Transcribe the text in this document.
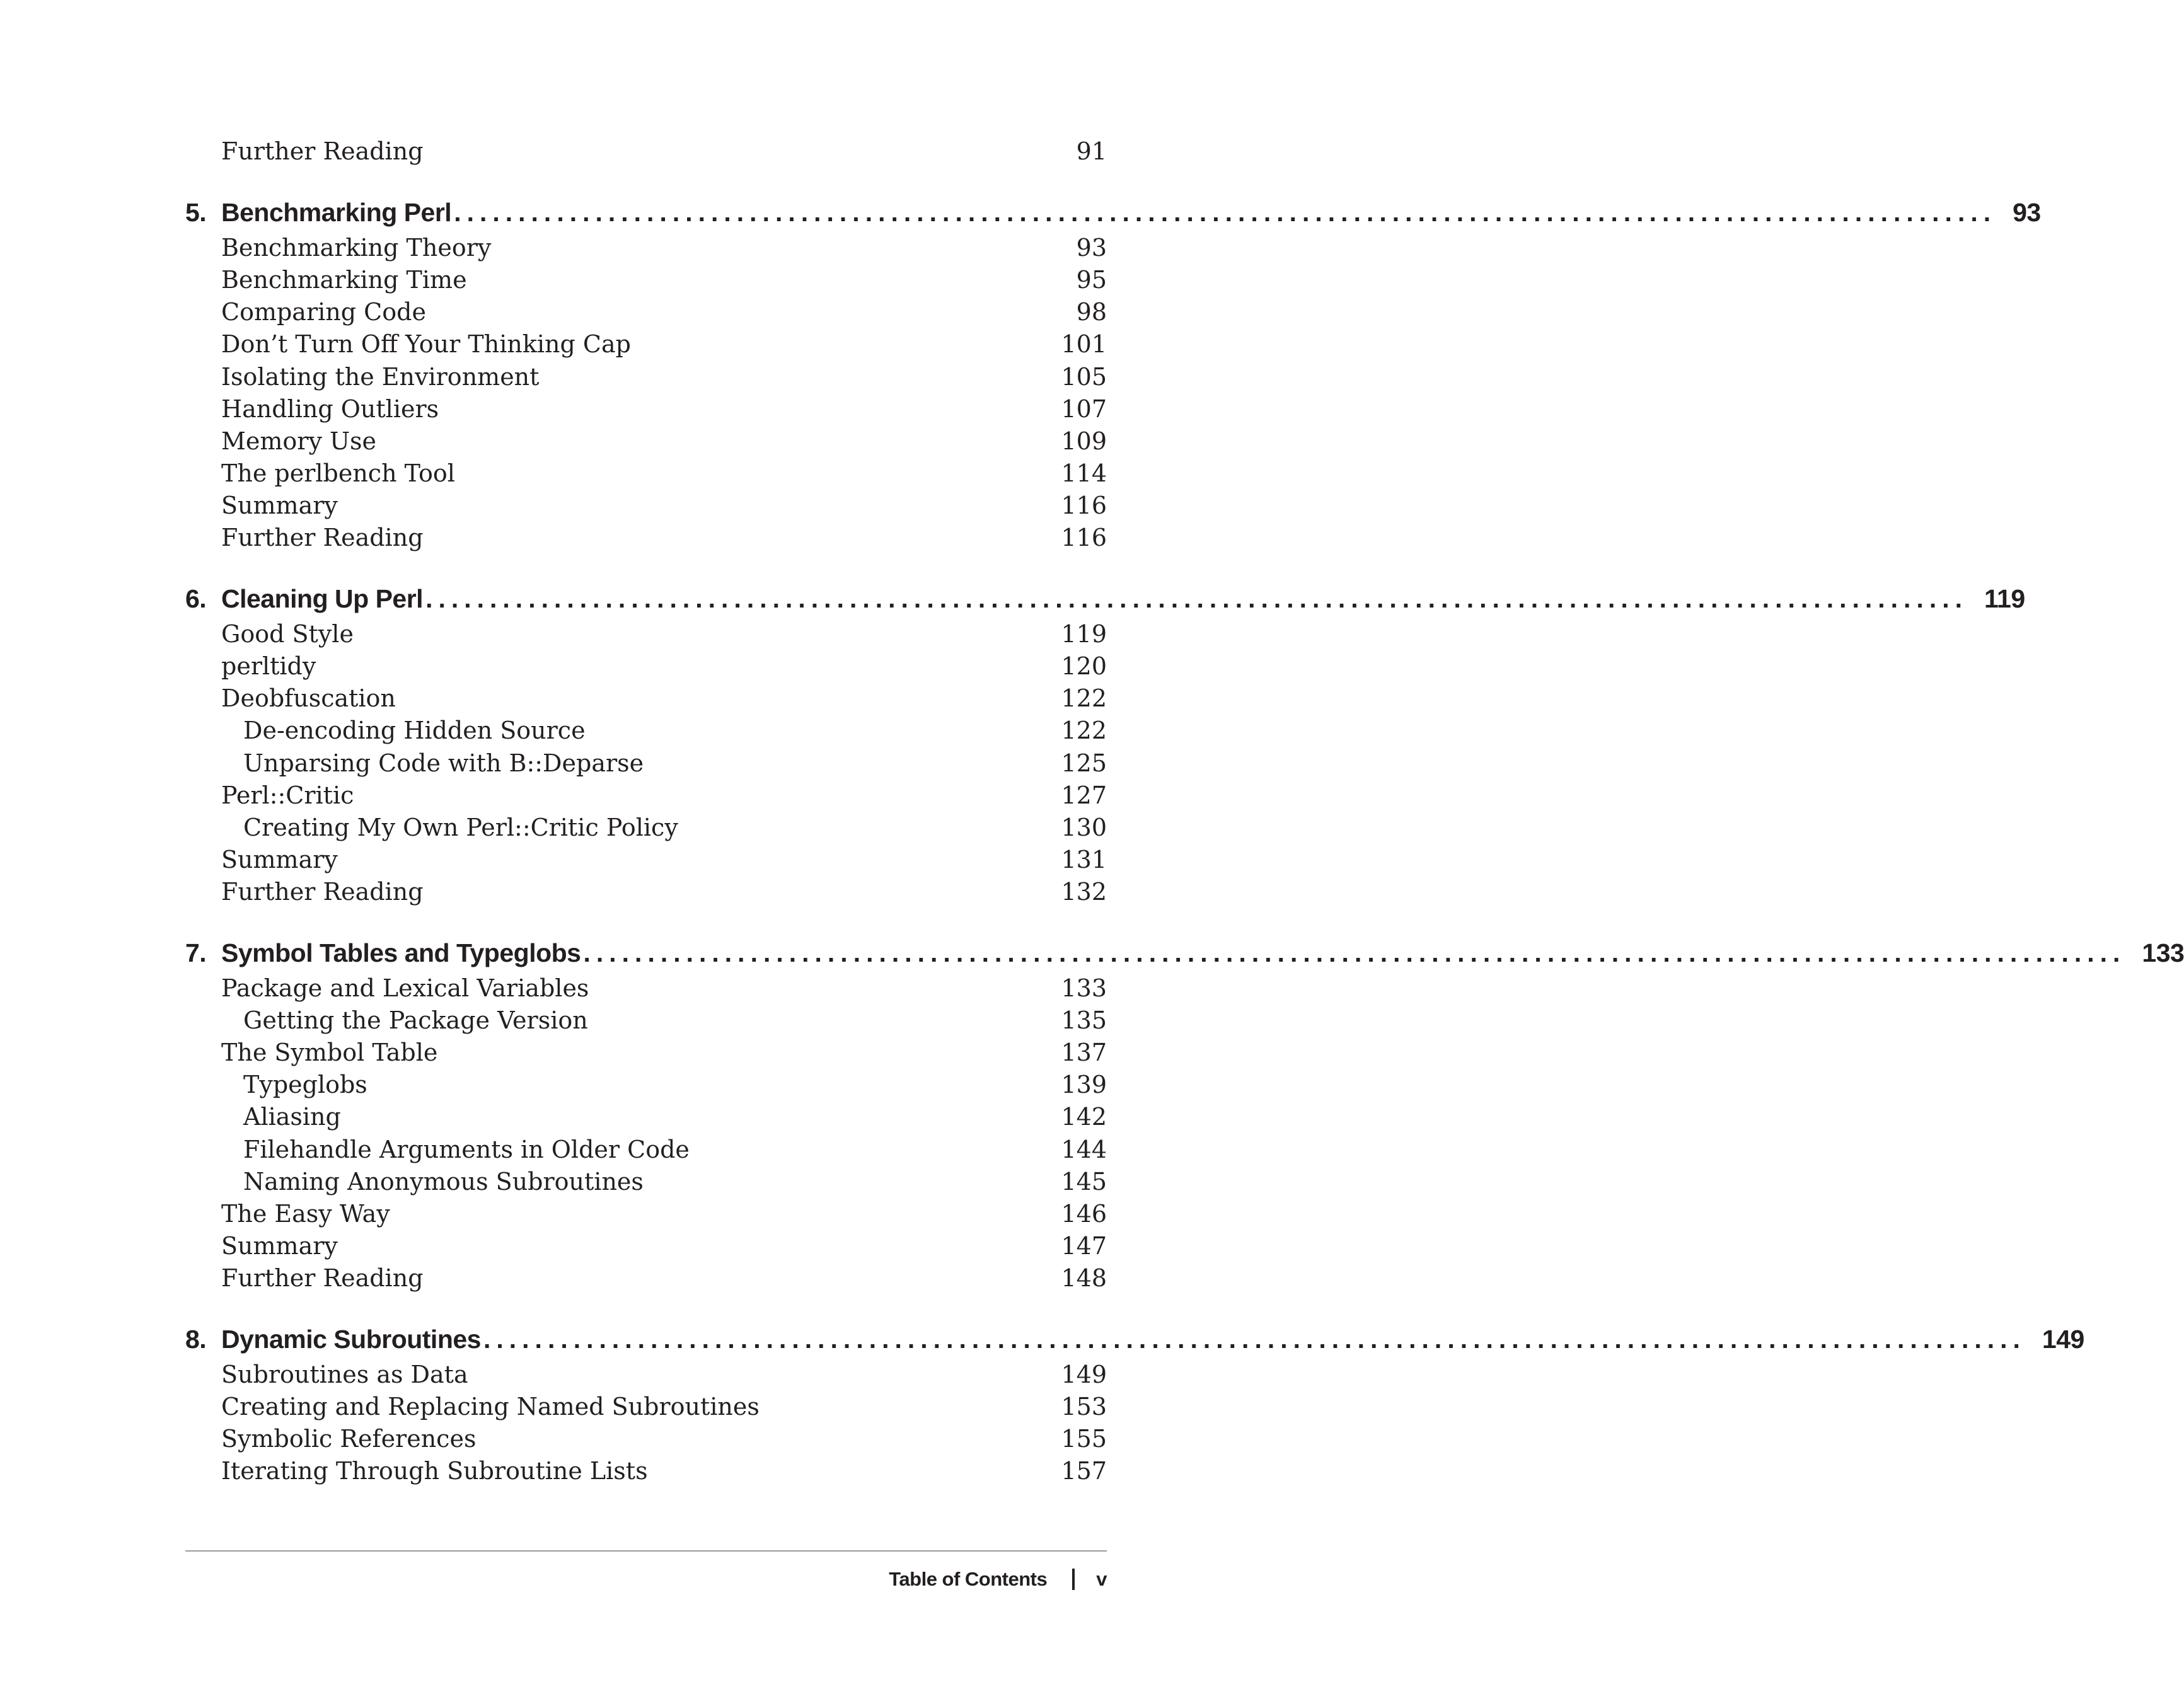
Further Reading	91
5. Benchmarking Perl ........................................................................................................................ 93
Benchmarking Theory	93
Benchmarking Time	95
Comparing Code	98
Don’t Turn Off Your Thinking Cap	101
Isolating the Environment	105
Handling Outliers	107
Memory Use	109
The perlbench Tool	114
Summary	116
Further Reading	116
6. Cleaning Up Perl ........................................................................................................................ 119
Good Style	119
perltidy	120
Deobfuscation	122
De-encoding Hidden Source	122
Unparsing Code with B::Deparse	125
Perl::Critic	127
Creating My Own Perl::Critic Policy	130
Summary	131
Further Reading	132
7. Symbol Tables and Typeglobs ........................................................................................................................ 133
Package and Lexical Variables	133
Getting the Package Version	135
The Symbol Table	137
Typeglobs	139
Aliasing	142
Filehandle Arguments in Older Code	144
Naming Anonymous Subroutines	145
The Easy Way	146
Summary	147
Further Reading	148
8. Dynamic Subroutines ........................................................................................................................ 149
Subroutines as Data	149
Creating and Replacing Named Subroutines	153
Symbolic References	155
Iterating Through Subroutine Lists	157
Table of Contents	v
